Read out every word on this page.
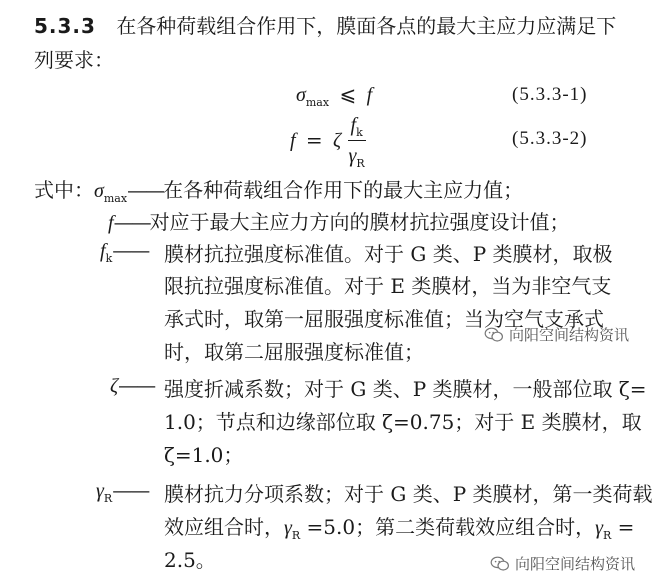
5.3.3 在各种荷载组合作用下，膜面各点的最大主应力应满足下
列要求：
$\sigma_{max}$ ⩽ f	(5.3.3-1)
f = ζ $\frac{f_k}{\gamma_R}$	(5.3.3-2)
式中：$\sigma_{max}——$在各种荷载组合作用下的最大主应力值；
f——对应于最大主应力方向的膜材抗拉强度设计值；
$f_k——$ 膜材抗拉强度标准值。对于 G 类、P 类膜材，取极
限抗拉强度标准值。对于 E 类膜材，当为非空气支
承式时，取第一屈服强度标准值；当为空气支承式
时，取第二屈服强度标准值；
向阳空间结构资讯
ζ—— 强度折减系数；对于 G 类、P 类膜材，一般部位取 ζ=
1.0；节点和边缘部位取 ζ=0.75；对于 E 类膜材，取
ζ=1.0；
$\gamma_R——$ 膜材抗力分项系数；对于 G 类、P 类膜材，第一类荷载
效应组合时，$\gamma_R =5.0$；第二类荷载效应组合时，$\gamma_R$ =
2.5。	向阳空间结构资讯
